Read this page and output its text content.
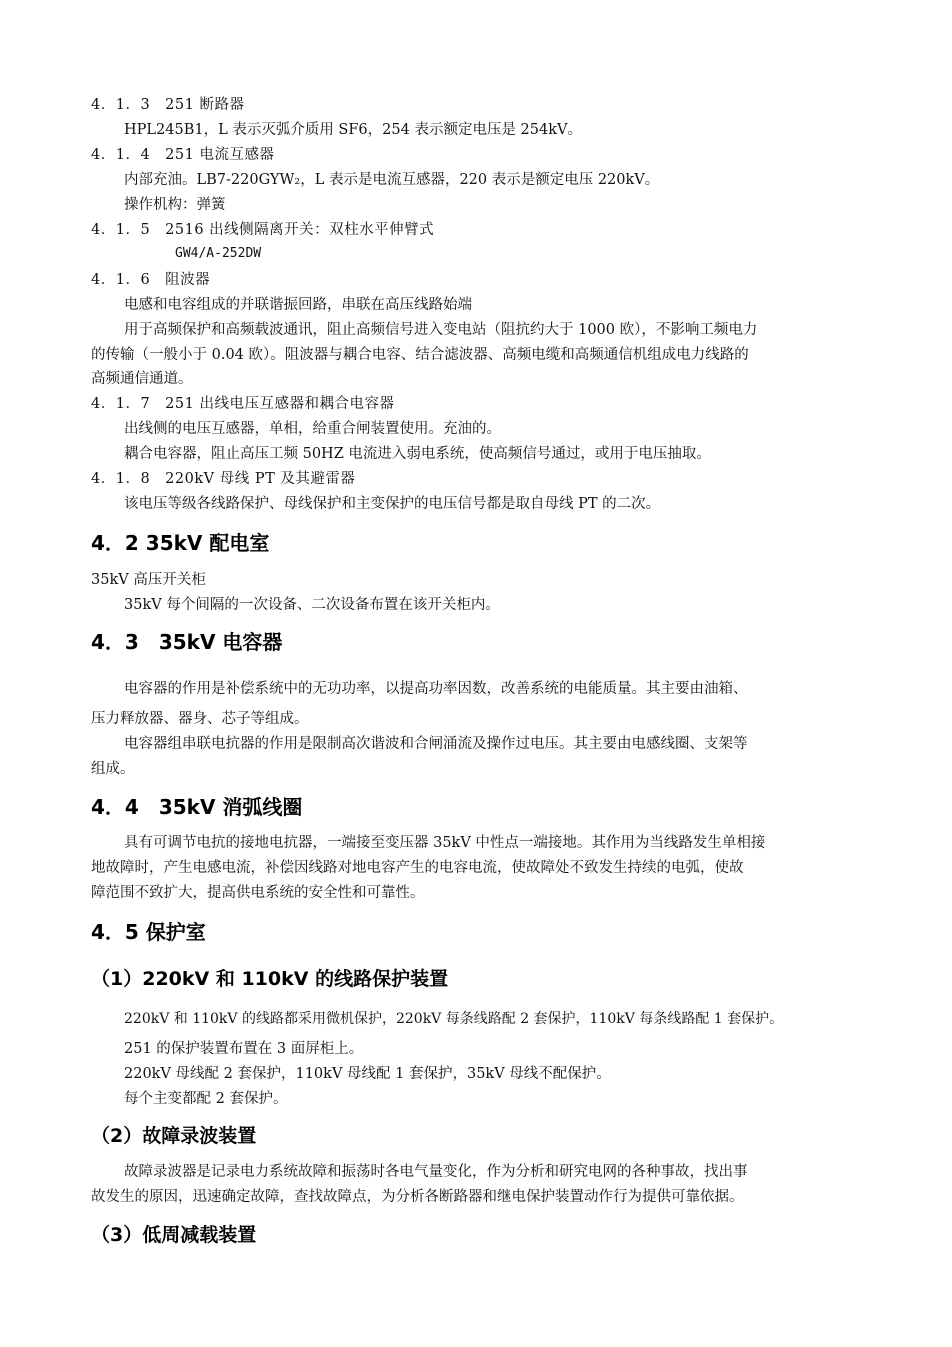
4．1．3　251 断路器
HPL245B1，L 表示灭弧介质用 SF6，254 表示额定电压是 254kV。
4．1．4　251 电流互感器
内部充油。LB7-220GYW₂，L 表示是电流互感器，220 表示是额定电压 220kV。
操作机构：弹簧
4．1．5　2516 出线侧隔离开关：双柱水平伸臂式
GW4/A-252DW
4．1．6　阻波器
电感和电容组成的并联谐振回路，串联在高压线路始端
用于高频保护和高频载波通讯，阻止高频信号进入变电站（阻抗约大于 1000 欧），不影响工频电力
的传输（一般小于 0.04 欧）。阻波器与耦合电容、结合滤波器、高频电缆和高频通信机组成电力线路的
高频通信通道。
4．1．7　251 出线电压互感器和耦合电容器
出线侧的电压互感器，单相，给重合闸装置使用。充油的。
耦合电容器，阻止高压工频 50HZ 电流进入弱电系统，使高频信号通过，或用于电压抽取。
4．1．8　220kV 母线 PT 及其避雷器
该电压等级各线路保护、母线保护和主变保护的电压信号都是取自母线 PT 的二次。
4．2 35kV 配电室
35kV 高压开关柜
35kV 每个间隔的一次设备、二次设备布置在该开关柜内。
4．3　35kV 电容器
电容器的作用是补偿系统中的无功功率，以提高功率因数，改善系统的电能质量。其主要由油箱、
压力释放器、器身、芯子等组成。
电容器组串联电抗器的作用是限制高次谐波和合闸涌流及操作过电压。其主要由电感线圈、支架等
组成。
4．4　35kV 消弧线圈
具有可调节电抗的接地电抗器，一端接至变压器 35kV 中性点一端接地。其作用为当线路发生单相接
地故障时，产生电感电流，补偿因线路对地电容产生的电容电流，使故障处不致发生持续的电弧，使故
障范围不致扩大，提高供电系统的安全性和可靠性。
4．5 保护室
（1）220kV 和 110kV 的线路保护装置
220kV 和 110kV 的线路都采用微机保护，220kV 每条线路配 2 套保护，110kV 每条线路配 1 套保护。
251 的保护装置布置在 3 面屏柜上。
220kV 母线配 2 套保护，110kV 母线配 1 套保护，35kV 母线不配保护。
每个主变都配 2 套保护。
（2）故障录波装置
故障录波器是记录电力系统故障和振荡时各电气量变化，作为分析和研究电网的各种事故，找出事
故发生的原因，迅速确定故障，查找故障点，为分析各断路器和继电保护装置动作行为提供可靠依据。
（3）低周减载装置
